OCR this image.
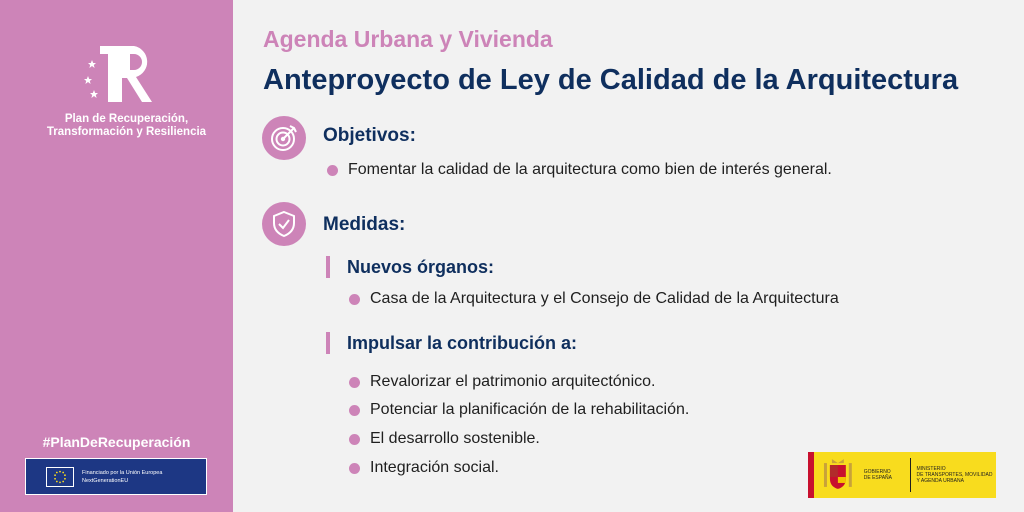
Plan de Recuperación,
Transformación y Resiliencia
#PlanDeRecuperación
Financiado por la Unión Europea
NextGenerationEU
Agenda Urbana y Vivienda
Anteproyecto de Ley de Calidad de la Arquitectura
Objetivos:
Fomentar la calidad de la arquitectura como bien de interés general.
Medidas:
Nuevos órganos:
Casa de la Arquitectura y el Consejo de Calidad de la Arquitectura
Impulsar la contribución a:
Revalorizar el patrimonio arquitectónico.
Potenciar la planificación de la rehabilitación.
El desarrollo sostenible.
Integración social.	GOBIERNO
DE ESPAÑA
MINISTERIO
DE TRANSPORTES, MOVILIDAD
Y AGENDA URBANA
